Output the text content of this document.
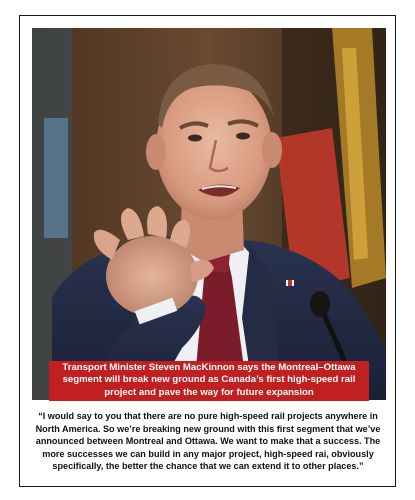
Transport Minister Steven MacKinnon says the Montreal–Ottawa segment will break new ground as Canada’s first high-speed rail project and pave the way for future expansion
“I would say to you that there are no pure high-speed rail projects anywhere in North America. So we’re breaking new ground with this first segment that we’ve announced between Montreal and Ottawa. We want to make that a success. The more successes we can build in any major project, high-speed rai, obviously specifically, the better the chance that we can extend it to other places.”
